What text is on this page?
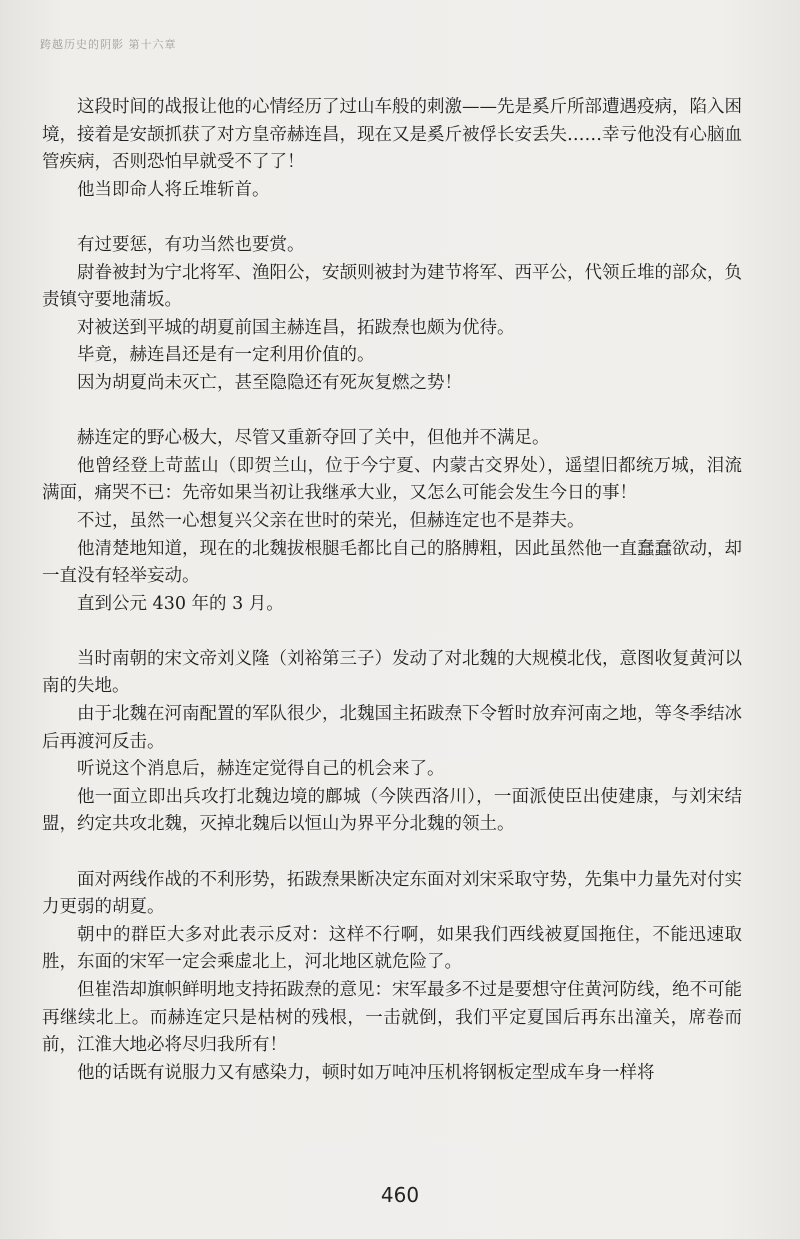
跨越历史的阴影 第十六章

这段时间的战报让他的心情经历了过山车般的刺激——先是奚斤所部遭遇疫病，陷入困境，接着是安颉抓获了对方皇帝赫连昌，现在又是奚斤被俘长安丢失……幸亏他没有心脑血管疾病，否则恐怕早就受不了了！

他当即命人将丘堆斩首。

有过要惩，有功当然也要赏。

尉眷被封为宁北将军、渔阳公，安颉则被封为建节将军、西平公，代领丘堆的部众，负责镇守要地蒲坂。

对被送到平城的胡夏前国主赫连昌，拓跋焘也颇为优待。

毕竟，赫连昌还是有一定利用价值的。

因为胡夏尚未灭亡，甚至隐隐还有死灰复燃之势！

赫连定的野心极大，尽管又重新夺回了关中，但他并不满足。

他曾经登上苛蓝山（即贺兰山，位于今宁夏、内蒙古交界处），遥望旧都统万城，泪流满面，痛哭不已：先帝如果当初让我继承大业，又怎么可能会发生今日的事！

不过，虽然一心想复兴父亲在世时的荣光，但赫连定也不是莽夫。

他清楚地知道，现在的北魏拔根腿毛都比自己的胳膊粗，因此虽然他一直蠢蠢欲动，却一直没有轻举妄动。

直到公元 430 年的 3 月。

当时南朝的宋文帝刘义隆（刘裕第三子）发动了对北魏的大规模北伐，意图收复黄河以南的失地。

由于北魏在河南配置的军队很少，北魏国主拓跋焘下令暂时放弃河南之地，等冬季结冰后再渡河反击。

听说这个消息后，赫连定觉得自己的机会来了。

他一面立即出兵攻打北魏边境的鄜城（今陕西洛川），一面派使臣出使建康，与刘宋结盟，约定共攻北魏，灭掉北魏后以恒山为界平分北魏的领土。

面对两线作战的不利形势，拓跋焘果断决定东面对刘宋采取守势，先集中力量先对付实力更弱的胡夏。

朝中的群臣大多对此表示反对：这样不行啊，如果我们西线被夏国拖住，不能迅速取胜，东面的宋军一定会乘虚北上，河北地区就危险了。

但崔浩却旗帜鲜明地支持拓跋焘的意见：宋军最多不过是要想守住黄河防线，绝不可能再继续北上。而赫连定只是枯树的残根，一击就倒，我们平定夏国后再东出潼关，席卷而前，江淮大地必将尽归我所有！

他的话既有说服力又有感染力，顿时如万吨冲压机将钢板定型成车身一样将

460
